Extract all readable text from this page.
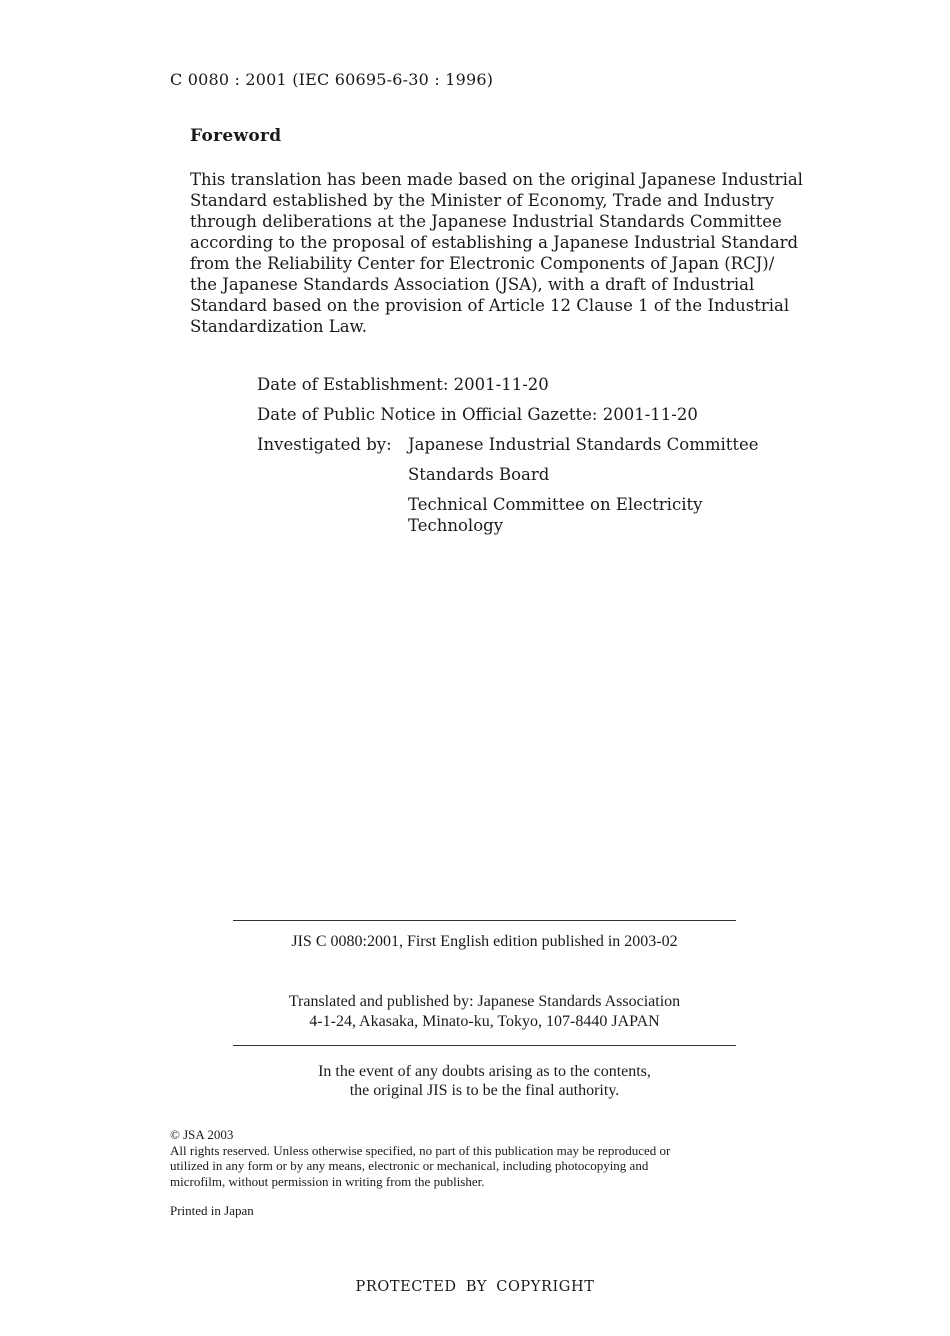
C 0080 : 2001 (IEC 60695-6-30 : 1996)
Foreword
This translation has been made based on the original Japanese Industrial
Standard established by the Minister of Economy, Trade and Industry
through deliberations at the Japanese Industrial Standards Committee
according to the proposal of establishing a Japanese Industrial Standard
from the Reliability Center for Electronic Components of Japan (RCJ)/
the Japanese Standards Association (JSA), with a draft of Industrial
Standard based on the provision of Article 12 Clause 1 of the Industrial
Standardization Law.
Date of Establishment: 2001-11-20
Date of Public Notice in Official Gazette: 2001-11-20
Investigated by: Japanese Industrial Standards Committee
Standards Board
Technical Committee on Electricity
Technology
JIS C 0080:2001, First English edition published in 2003-02
Translated and published by: Japanese Standards Association
4-1-24, Akasaka, Minato-ku, Tokyo, 107-8440 JAPAN
In the event of any doubts arising as to the contents,
the original JIS is to be the final authority.
© JSA 2003
All rights reserved. Unless otherwise specified, no part of this publication may be reproduced or
utilized in any form or by any means, electronic or mechanical, including photocopying and
microfilm, without permission in writing from the publisher.
Printed in Japan
PROTECTED BY COPYRIGHT
